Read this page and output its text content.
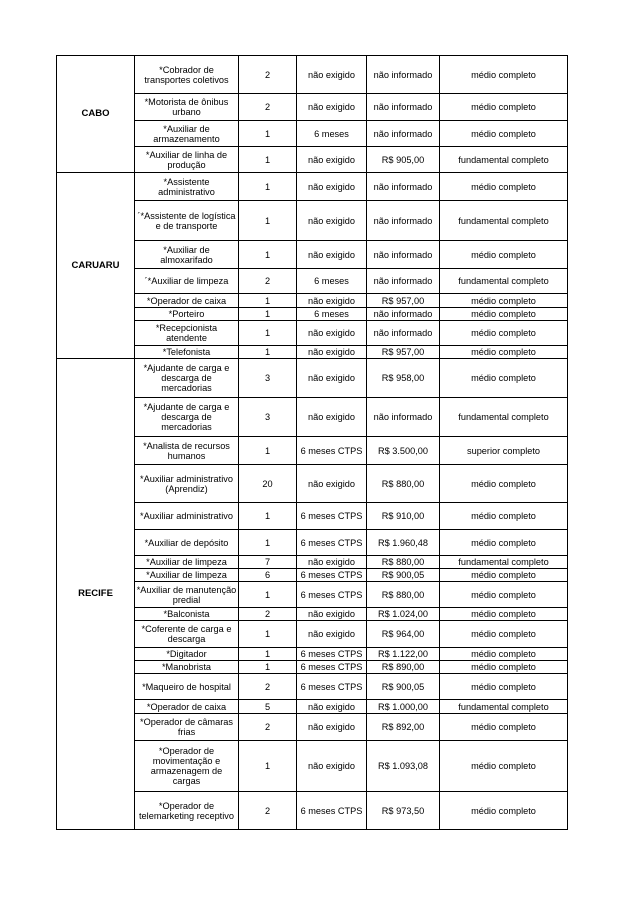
CABO	*Cobrador de transportes coletivos	2	não exigido	não informado	médio completo
	*Motorista de ônibus urbano	2	não exigido	não informado	médio completo
	*Auxiliar de armazenamento	1	6 meses	não informado	médio completo
	*Auxiliar de linha de produção	1	não exigido	R$ 905,00	fundamental completo
CARUARU	*Assistente administrativo	1	não exigido	não informado	médio completo
	´*Assistente de logística e de transporte	1	não exigido	não informado	fundamental completo
	*Auxiliar de almoxarifado	1	não exigido	não informado	médio completo
	´*Auxiliar de limpeza	2	6 meses	não informado	fundamental completo
	*Operador de caixa	1	não exigido	R$ 957,00	médio completo
	*Porteiro	1	6 meses	não informado	médio completo
	*Recepcionista atendente	1	não exigido	não informado	médio completo
	*Telefonista	1	não exigido	R$ 957,00	médio completo
RECIFE	*Ajudante de carga e descarga de mercadorias	3	não exigido	R$ 958,00	médio completo
	*Ajudante de carga e descarga de mercadorias	3	não exigido	não informado	fundamental completo
	*Analista de recursos humanos	1	6 meses CTPS	R$ 3.500,00	superior completo
	*Auxiliar administrativo (Aprendiz)	20	não exigido	R$ 880,00	médio completo
	*Auxiliar administrativo	1	6 meses CTPS	R$ 910,00	médio completo
	*Auxiliar de depósito	1	6 meses CTPS	R$ 1.960,48	médio completo
	*Auxiliar de limpeza	7	não exigido	R$ 880,00	fundamental completo
	*Auxiliar de limpeza	6	6 meses CTPS	R$ 900,05	médio completo
	*Auxiliar de manutenção predial	1	6 meses CTPS	R$ 880,00	médio completo
	*Balconista	2	não exigido	R$ 1.024,00	médio completo
	*Coferente de carga e descarga	1	não exigido	R$ 964,00	médio completo
	*Digitador	1	6 meses CTPS	R$ 1.122,00	médio completo
	*Manobrista	1	6 meses CTPS	R$ 890,00	médio completo
	*Maqueiro de hospital	2	6 meses CTPS	R$ 900,05	médio completo
	*Operador de caixa	5	não exigido	R$ 1.000,00	fundamental completo
	*Operador de câmaras frias	2	não exigido	R$ 892,00	médio completo
	*Operador de movimentação e armazenagem de cargas	1	não exigido	R$ 1.093,08	médio completo
	*Operador de telemarketing receptivo	2	6 meses CTPS	R$ 973,50	médio completo
